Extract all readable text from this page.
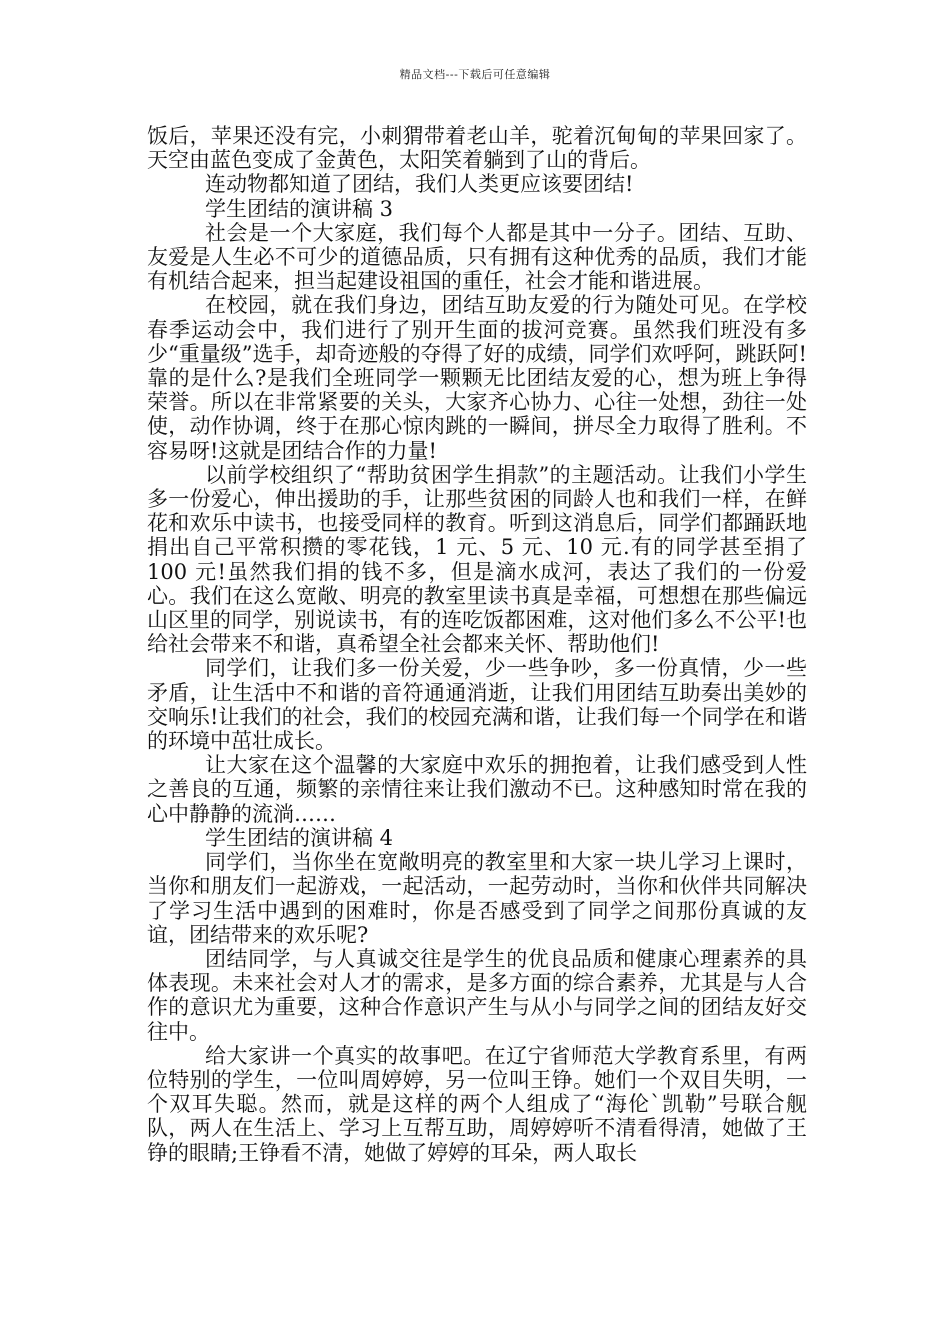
精品文档---下载后可任意编辑

饭后，苹果还没有完，小刺猬带着老山羊，驼着沉甸甸的苹果回家了。天空由蓝色变成了金黄色，太阳笑着躺到了山的背后。

连动物都知道了团结，我们人类更应该要团结!

学生团结的演讲稿 3

社会是一个大家庭，我们每个人都是其中一分子。团结、互助、友爱是人生必不可少的道德品质，只有拥有这种优秀的品质，我们才能有机结合起来，担当起建设祖国的重任，社会才能和谐进展。

在校园，就在我们身边，团结互助友爱的行为随处可见。在学校春季运动会中，我们进行了别开生面的拔河竞赛。虽然我们班没有多少“重量级”选手，却奇迹般的夺得了好的成绩，同学们欢呼阿，跳跃阿!靠的是什么?是我们全班同学一颗颗无比团结友爱的心，想为班上争得荣誉。所以在非常紧要的关头，大家齐心协力、心往一处想，劲往一处使，动作协调，终于在那心惊肉跳的一瞬间，拼尽全力取得了胜利。不容易呀!这就是团结合作的力量!

以前学校组织了“帮助贫困学生捐款”的主题活动。让我们小学生多一份爱心，伸出援助的手，让那些贫困的同龄人也和我们一样，在鲜花和欢乐中读书，也接受同样的教育。听到这消息后，同学们都踊跃地捐出自己平常积攒的零花钱，1 元、5 元、10 元.有的同学甚至捐了 100 元!虽然我们捐的钱不多，但是滴水成河，表达了我们的一份爱心。我们在这么宽敞、明亮的教室里读书真是幸福，可想想在那些偏远山区里的同学，别说读书，有的连吃饭都困难，这对他们多么不公平!也给社会带来不和谐，真希望全社会都来关怀、帮助他们!

同学们，让我们多一份关爱，少一些争吵，多一份真情，少一些矛盾，让生活中不和谐的音符通通消逝，让我们用团结互助奏出美妙的交响乐!让我们的社会，我们的校园充满和谐，让我们每一个同学在和谐的环境中茁壮成长。

让大家在这个温馨的大家庭中欢乐的拥抱着，让我们感受到人性之善良的互通，频繁的亲情往来让我们激动不已。这种感知时常在我的心中静静的流淌……

学生团结的演讲稿 4

同学们，当你坐在宽敞明亮的教室里和大家一块儿学习上课时，当你和朋友们一起游戏，一起活动，一起劳动时，当你和伙伴共同解决了学习生活中遇到的困难时，你是否感受到了同学之间那份真诚的友谊，团结带来的欢乐呢?

团结同学，与人真诚交往是学生的优良品质和健康心理素养的具体表现。未来社会对人才的需求，是多方面的综合素养，尤其是与人合作的意识尤为重要，这种合作意识产生与从小与同学之间的团结友好交往中。

给大家讲一个真实的故事吧。在辽宁省师范大学教育系里，有两位特别的学生，一位叫周婷婷，另一位叫王铮。她们一个双目失明，一个双耳失聪。然而，就是这样的两个人组成了“海伦`凯勒”号联合舰队，两人在生活上、学习上互帮互助，周婷婷听不清看得清，她做了王铮的眼睛;王铮看不清，她做了婷婷的耳朵，两人取长
